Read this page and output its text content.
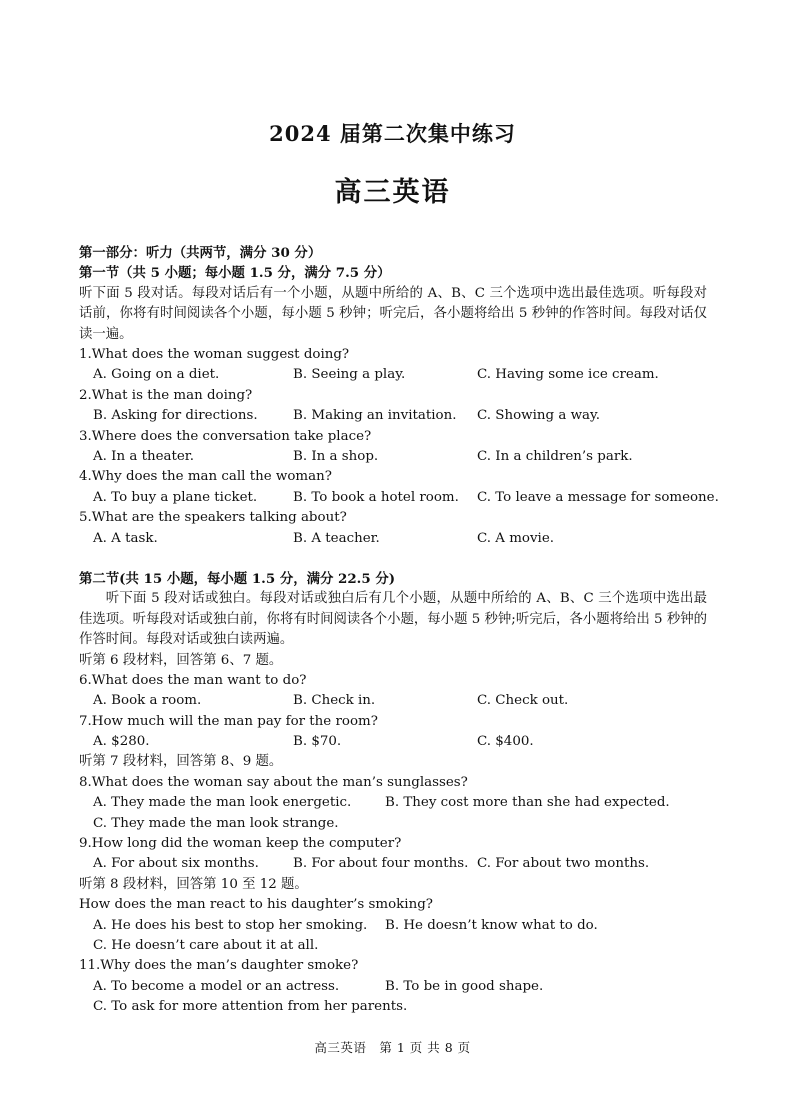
2024 届第二次集中练习
高三英语
第一部分：听力（共两节，满分 30 分）
第一节（共 5 小题；每小题 1.5 分，满分 7.5 分）
听下面 5 段对话。每段对话后有一个小题，从题中所给的 A、B、C 三个选项中选出最佳选项。听每段对话前，你将有时间阅读各个小题，每小题 5 秒钟；听完后，各小题将给出 5 秒钟的作答时间。每段对话仅读一遍。
1.What does the woman suggest doing?
A. Going on a diet.	B. Seeing a play.	C. Having some ice cream.
2.What is the man doing?
B. Asking for directions.	B. Making an invitation. C. Showing a way.
3.Where does the conversation take place?
A. In a theater.	B. In a shop.	C. In a children’s park.
4.Why does the man call the woman?
A. To buy a plane ticket.	B. To book a hotel room. C. To leave a message for someone.
5.What are the speakers talking about?
A. A task.	B. A teacher.	C. A movie.
第二节(共 15 小题，每小题 1.5 分，满分 22.5 分)
听下面 5 段对话或独白。每段对话或独白后有几个小题，从题中所给的 A、B、C 三个选项中选出最佳选项。听每段对话或独白前，你将有时间阅读各个小题，每小题 5 秒钟;听完后，各小题将给出 5 秒钟的作答时间。每段对话或独白读两遍。
听第 6 段材料，回答第 6、7 题。
6.What does the man want to do?
A. Book a room.	B. Check in.	C. Check out.
7.How much will the man pay for the room?
A. $280.	B. $70.	C. $400.
听第 7 段材料，回答第 8、9 题。
8.What does the woman say about the man’s sunglasses?
A. They made the man look energetic.	B. They cost more than she had expected.
C. They made the man look strange.
9.How long did the woman keep the computer?
A. For about six months.	B. For about four months. C. For about two months.
听第 8 段材料，回答第 10 至 12 题。
How does the man react to his daughter’s smoking?
A. He does his best to stop her smoking. B. He doesn’t know what to do.
C. He doesn’t care about it at all.
11.Why does the man’s daughter smoke?
A. To become a model or an actress.	B. To be in good shape.
C. To ask for more attention from her parents.
高三英语　第 1 页 共 8 页
